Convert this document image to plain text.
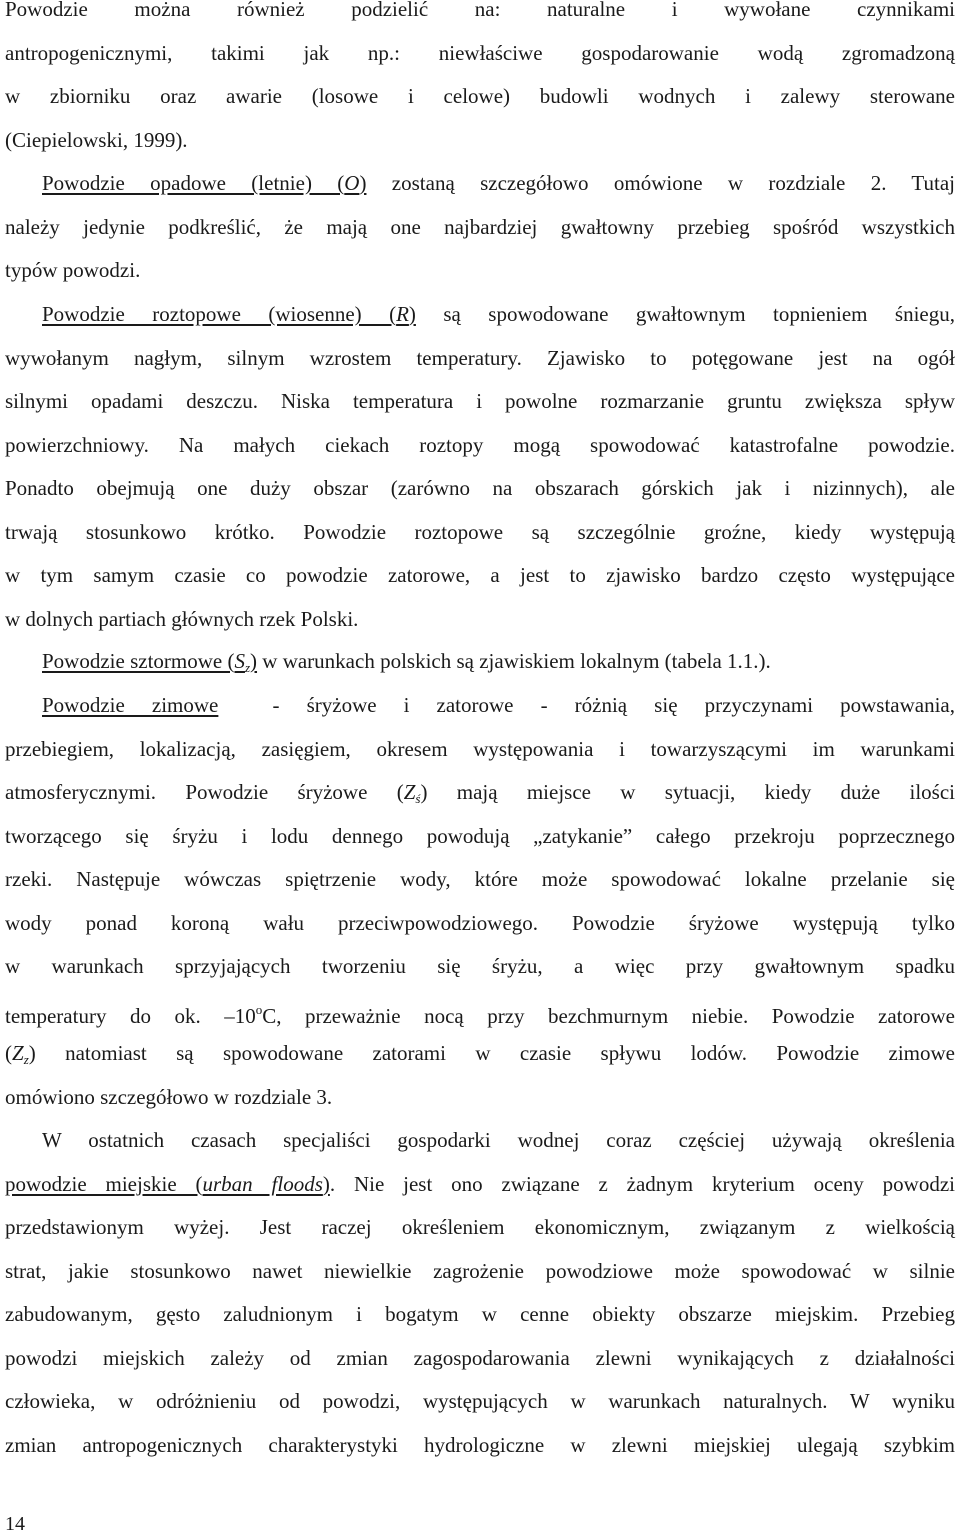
Powodzie można również podzielić na: naturalne i wywołane czynnikami
antropogenicznymi, takimi jak np.: niewłaściwe gospodarowanie wodą zgromadzoną
w zbiorniku oraz awarie (losowe i celowe) budowli wodnych i zalewy sterowane
(Ciepielowski, 1999).
Powodzie opadowe (letnie) (O) zostaną szczegółowo omówione w rozdziale 2. Tutaj
należy jedynie podkreślić, że mają one najbardziej gwałtowny przebieg spośród wszystkich
typów powodzi.
Powodzie roztopowe (wiosenne) (R) są spowodowane gwałtownym topnieniem śniegu,
wywołanym nagłym, silnym wzrostem temperatury. Zjawisko to potęgowane jest na ogół
silnymi opadami deszczu. Niska temperatura i powolne rozmarzanie gruntu zwiększa spływ
powierzchniowy. Na małych ciekach roztopy mogą spowodować katastrofalne powodzie.
Ponadto obejmują one duży obszar (zarówno na obszarach górskich jak i nizinnych), ale
trwają stosunkowo krótko. Powodzie roztopowe są szczególnie groźne, kiedy występują
w tym samym czasie co powodzie zatorowe, a jest to zjawisko bardzo często występujące
w dolnych partiach głównych rzek Polski.
Powodzie sztormowe $(S_z)$ w warunkach polskich są zjawiskiem lokalnym (tabela 1.1.).
Powodzie zimowe  - śryżowe i zatorowe - różnią się przyczynami powstawania,
przebiegiem, lokalizacją, zasięgiem, okresem występowania i towarzyszącymi im warunkami
atmosferycznymi. Powodzie śryżowe $(Z_ś)$ mają miejsce w sytuacji, kiedy duże ilości
tworzącego się śryżu i lodu dennego powodują „zatykanie” całego przekroju poprzecznego
rzeki. Następuje wówczas spiętrzenie wody, które może spowodować lokalne przelanie się
wody ponad koroną wału przeciwpowodziowego. Powodzie śryżowe występują tylko
w warunkach sprzyjających tworzeniu się śryżu, a więc przy gwałtownym spadku
temperatury do ok. –10$^o$C, przeważnie nocą przy bezchmurnym niebie. Powodzie zatorowe
$(Z_z)$ natomiast są spowodowane zatorami w czasie spływu lodów. Powodzie zimowe
omówiono szczegółowo w rozdziale 3.
W ostatnich czasach specjaliści gospodarki wodnej coraz częściej używają określenia
powodzie miejskie (urban floods). Nie jest ono związane z żadnym kryterium oceny powodzi
przedstawionym wyżej. Jest raczej określeniem ekonomicznym, związanym z wielkością
strat, jakie stosunkowo nawet niewielkie zagrożenie powodziowe może spowodować w silnie
zabudowanym, gęsto zaludnionym i bogatym w cenne obiekty obszarze miejskim. Przebieg
powodzi miejskich zależy od zmian zagospodarowania zlewni wynikających z działalności
człowieka, w odróżnieniu od powodzi, występujących w warunkach naturalnych. W wyniku
zmian antropogenicznych charakterystyki hydrologiczne w zlewni miejskiej ulegają szybkim
14
